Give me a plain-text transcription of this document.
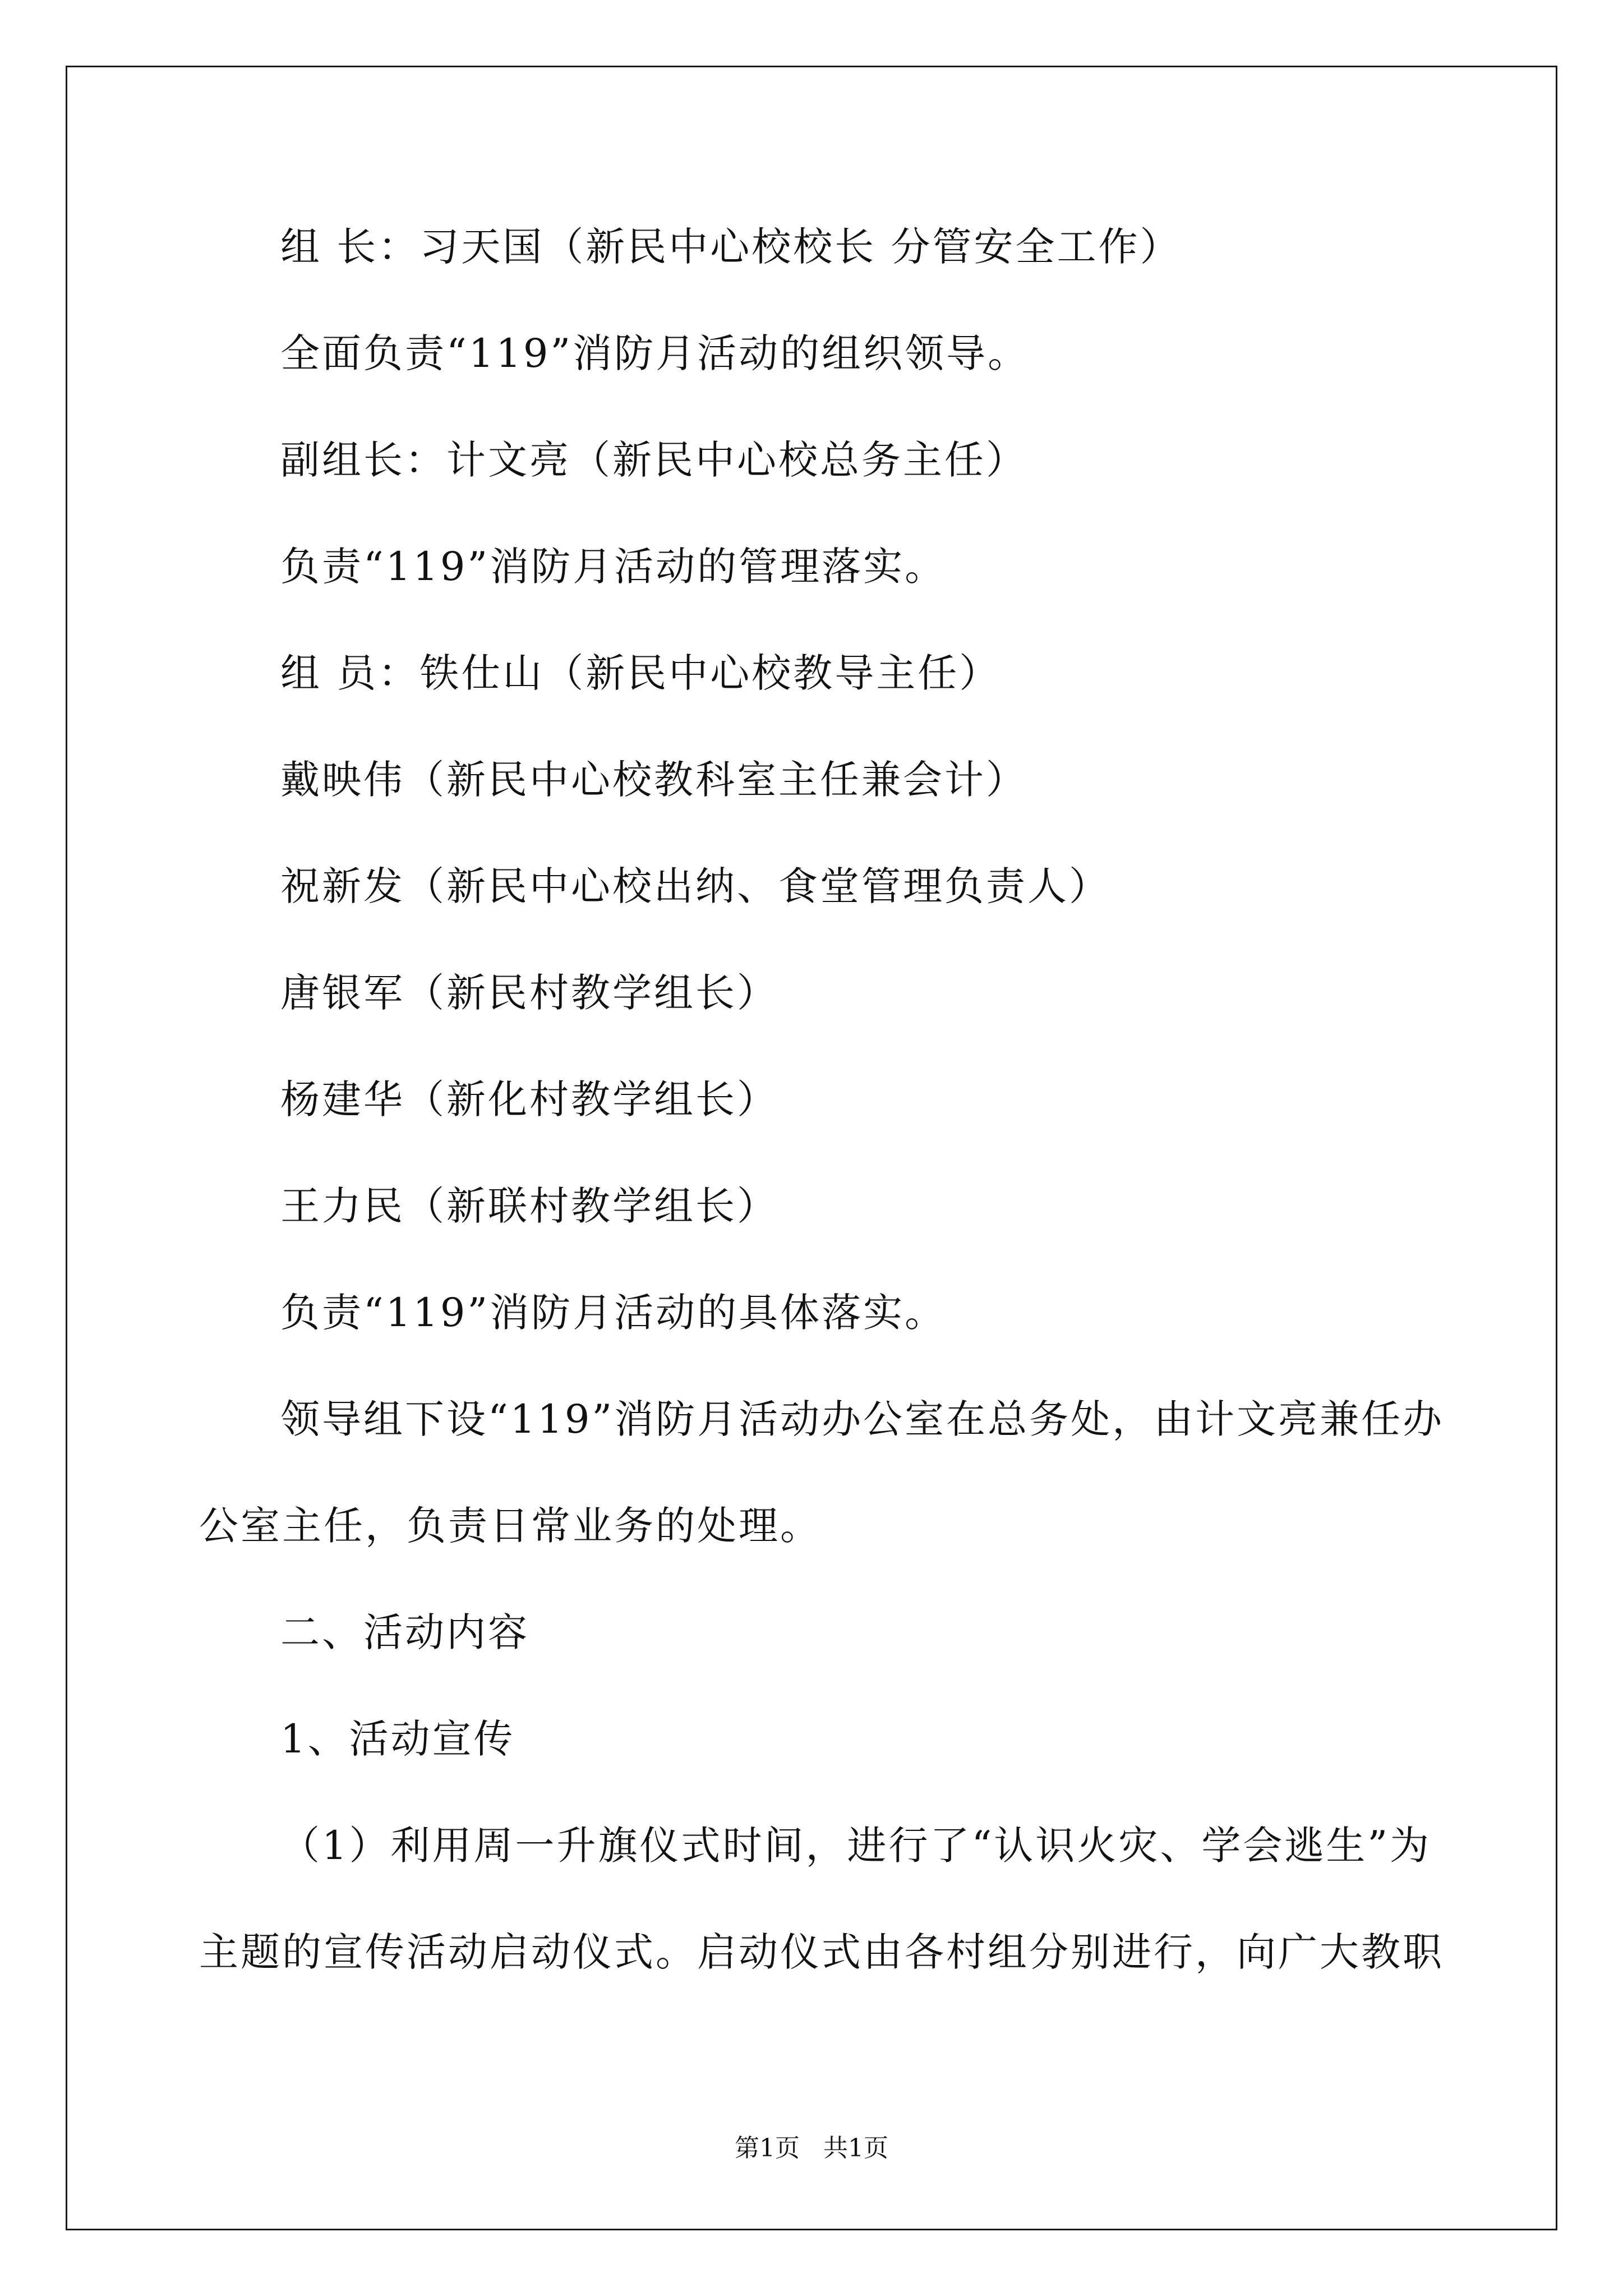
组 长：习天国（新民中心校校长 分管安全工作）
全面负责“119”消防月活动的组织领导。
副组长：计文亮（新民中心校总务主任）
负责“119”消防月活动的管理落实。
组 员：铁仕山（新民中心校教导主任）
戴映伟（新民中心校教科室主任兼会计）
祝新发（新民中心校出纳、食堂管理负责人）
唐银军（新民村教学组长）
杨建华（新化村教学组长）
王力民（新联村教学组长）
负责“119”消防月活动的具体落实。
领导组下设“119”消防月活动办公室在总务处，由计文亮兼任办
公室主任，负责日常业务的处理。
二、活动内容
1、活动宣传
（1）利用周一升旗仪式时间，进行了“认识火灾、学会逃生”为
主题的宣传活动启动仪式。启动仪式由各村组分别进行，向广大教职
第1页   共1页
